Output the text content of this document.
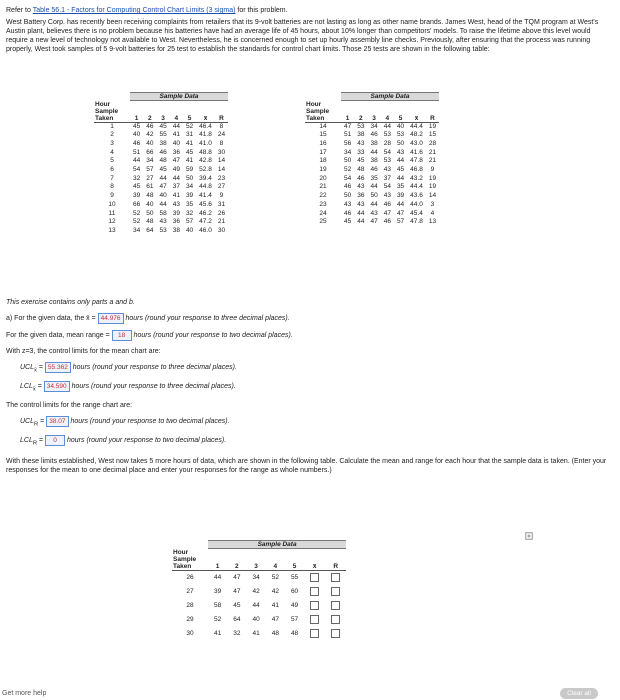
Refer to Table 56.1 - Factors for Computing Control Chart Limits (3 sigma) for this problem.
West Battery Corp. has recently been receiving complaints from retailers that its 9-volt batteries are not lasting as long as other name brands. James West, head of the TQM program at West's Austin plant, believes there is no problem because his batteries have had an average life of 45 hours, about 10% longer than competitors' models. To raise the lifetime above this level would require a new level of technology not available to West. Nevertheless, he is concerned enough to set up hourly assembly line checks. Previously, after ensuring that the process was running properly, West took samples of 5 9-volt batteries for 25 test to establish the standards for control chart limits. Those 25 tests are shown in the following table:
	Sample Data						
Hour Sample Taken	1	2	3	4	5	x̄	R
1	45	46	45	44	52	46.4	8
2	40	42	55	41	31	41.8	24
3	46	40	38	40	41	41.0	8
4	51	66	46	36	45	48.8	30
5	44	34	48	47	41	42.8	14
6	54	57	45	49	59	52.8	14
7	32	27	44	44	50	39.4	23
8	45	61	47	37	34	44.8	27
9	39	48	40	41	39	41.4	9
10	66	40	44	43	35	45.6	31
11	52	50	58	39	32	46.2	26
12	52	48	43	36	57	47.2	21
13	34	64	53	38	40	46.0	30
	Sample Data						
Hour Sample Taken	1	2	3	4	5	x̄	R
14	47	53	34	44	40	44.4	19
15	51	38	46	53	53	48.2	15
16	56	43	38	28	50	43.0	28
17	34	33	44	54	43	41.6	21
18	50	45	38	53	44	47.8	21
19	52	48	46	43	45	46.8	9
20	54	46	35	37	44	43.2	19
21	46	43	44	54	35	44.4	19
22	50	36	50	43	39	43.6	14
23	43	43	44	46	44	44.0	3
24	46	44	43	47	47	45.4	4
25	45	44	47	46	57	47.8	13
This exercise contains only parts a and b.
a) For the given data, the x̄ = 44.976 hours (round your response to three decimal places).
For the given data, mean range = 18 hours (round your response to two decimal places).
With z=3, the control limits for the mean chart are:
$UCL_{x̄} = 55.362$ hours (round your response to three decimal places).
$LCL_{x̄} = 34.590$ hours (round your response to three decimal places).
The control limits for the range chart are:
$UCL_R = 38.07$ hours (round your response to two decimal places).
$LCL_R = 0$ hours (round your response to two decimal places).
With these limits established, West now takes 5 more hours of data, which are shown in the following table. Calculate the mean and range for each hour that the sample data is taken. (Enter your responses for the mean to one decimal place and enter your responses for the range as whole numbers.)
	Sample Data						
Hour Sample Taken	1	2	3	4	5	x̄	R
26	44	47	34	52	55	

27	39	47	42	42	60	

28	58	45	44	41	49	

29	52	64	40	47	57	

30	41	32	41	48	48	

Get more help	Clear all
